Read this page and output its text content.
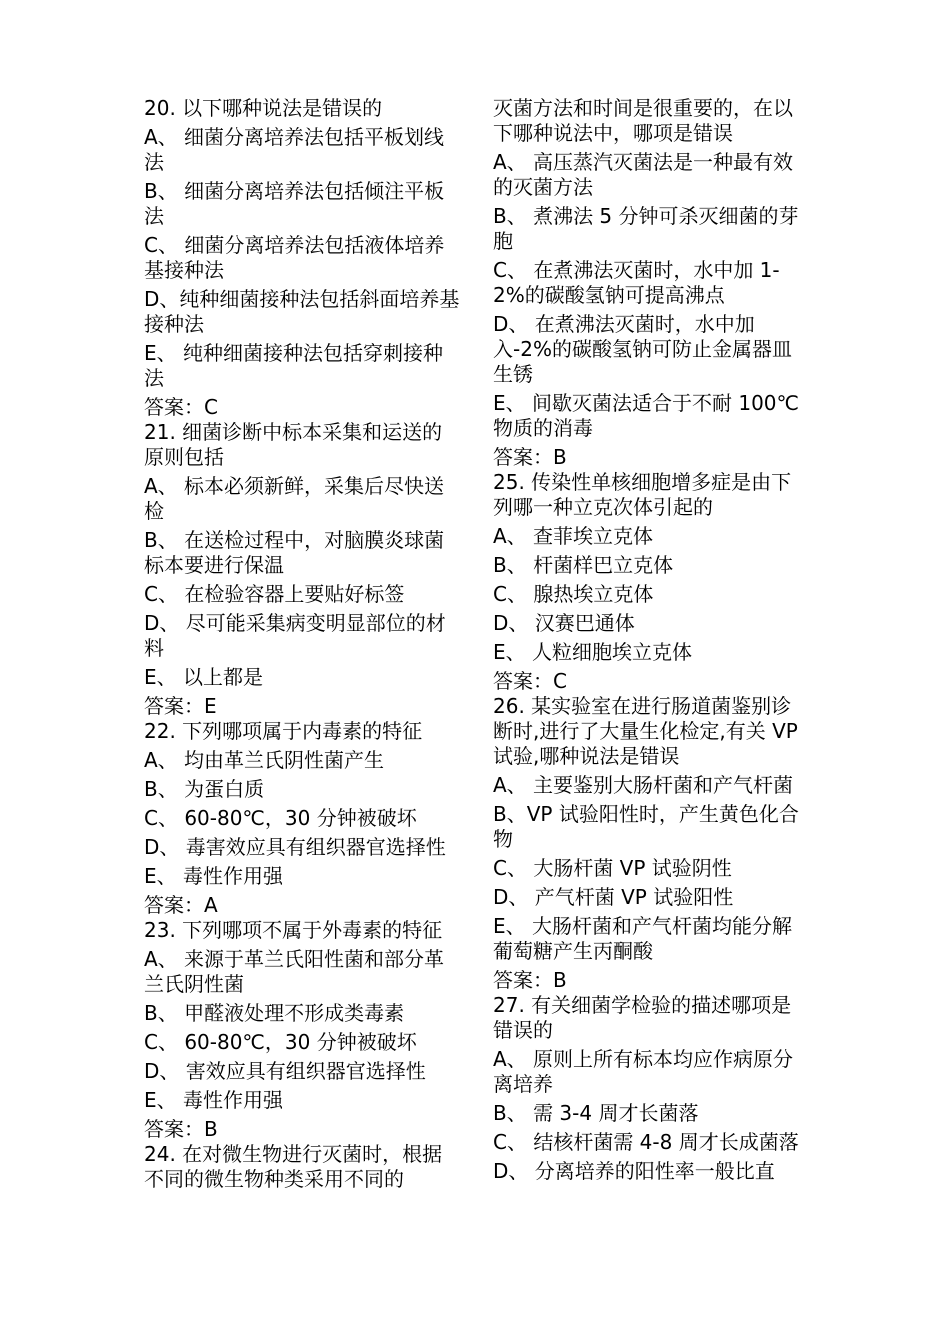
20. 以下哪种说法是错误的
A、 细菌分离培养法包括平板划线法
B、 细菌分离培养法包括倾注平板法
C、 细菌分离培养法包括液体培养基接种法
D、纯种细菌接种法包括斜面培养基接种法
E、 纯种细菌接种法包括穿刺接种法
答案：C
21. 细菌诊断中标本采集和运送的原则包括
A、 标本必须新鲜，采集后尽快送检
B、 在送检过程中，对脑膜炎球菌标本要进行保温
C、 在检验容器上要贴好标签
D、 尽可能采集病变明显部位的材料
E、 以上都是
答案：E
22. 下列哪项属于内毒素的特征
A、 均由革兰氏阴性菌产生
B、 为蛋白质
C、 60-80℃，30 分钟被破坏
D、 毒害效应具有组织器官选择性
E、 毒性作用强
答案：A
23. 下列哪项不属于外毒素的特征
A、 来源于革兰氏阳性菌和部分革兰氏阴性菌
B、 甲醛液处理不形成类毒素
C、 60-80℃，30 分钟被破坏
D、 害效应具有组织器官选择性
E、 毒性作用强
答案：B
24. 在对微生物进行灭菌时，根据不同的微生物种类采用不同的
灭菌方法和时间是很重要的，在以下哪种说法中，哪项是错误
A、 高压蒸汽灭菌法是一种最有效的灭菌方法
B、 煮沸法 5 分钟可杀灭细菌的芽胞
C、 在煮沸法灭菌时，水中加 1-2%的碳酸氢钠可提高沸点
D、 在煮沸法灭菌时，水中加入-2%的碳酸氢钠可防止金属器皿生锈
E、 间歇灭菌法适合于不耐 100℃物质的消毒
答案：B
25. 传染性单核细胞增多症是由下列哪一种立克次体引起的
A、 查菲埃立克体
B、 杆菌样巴立克体
C、 腺热埃立克体
D、 汉赛巴通体
E、 人粒细胞埃立克体
答案：C
26. 某实验室在进行肠道菌鉴别诊断时,进行了大量生化检定,有关 VP 试验,哪种说法是错误
A、 主要鉴别大肠杆菌和产气杆菌
B、VP 试验阳性时，产生黄色化合物
C、 大肠杆菌 VP 试验阴性
D、 产气杆菌 VP 试验阳性
E、 大肠杆菌和产气杆菌均能分解葡萄糖产生丙酮酸
答案：B
27. 有关细菌学检验的描述哪项是错误的
A、 原则上所有标本均应作病原分离培养
B、 需 3-4 周才长菌落
C、 结核杆菌需 4-8 周才长成菌落
D、 分离培养的阳性率一般比直
